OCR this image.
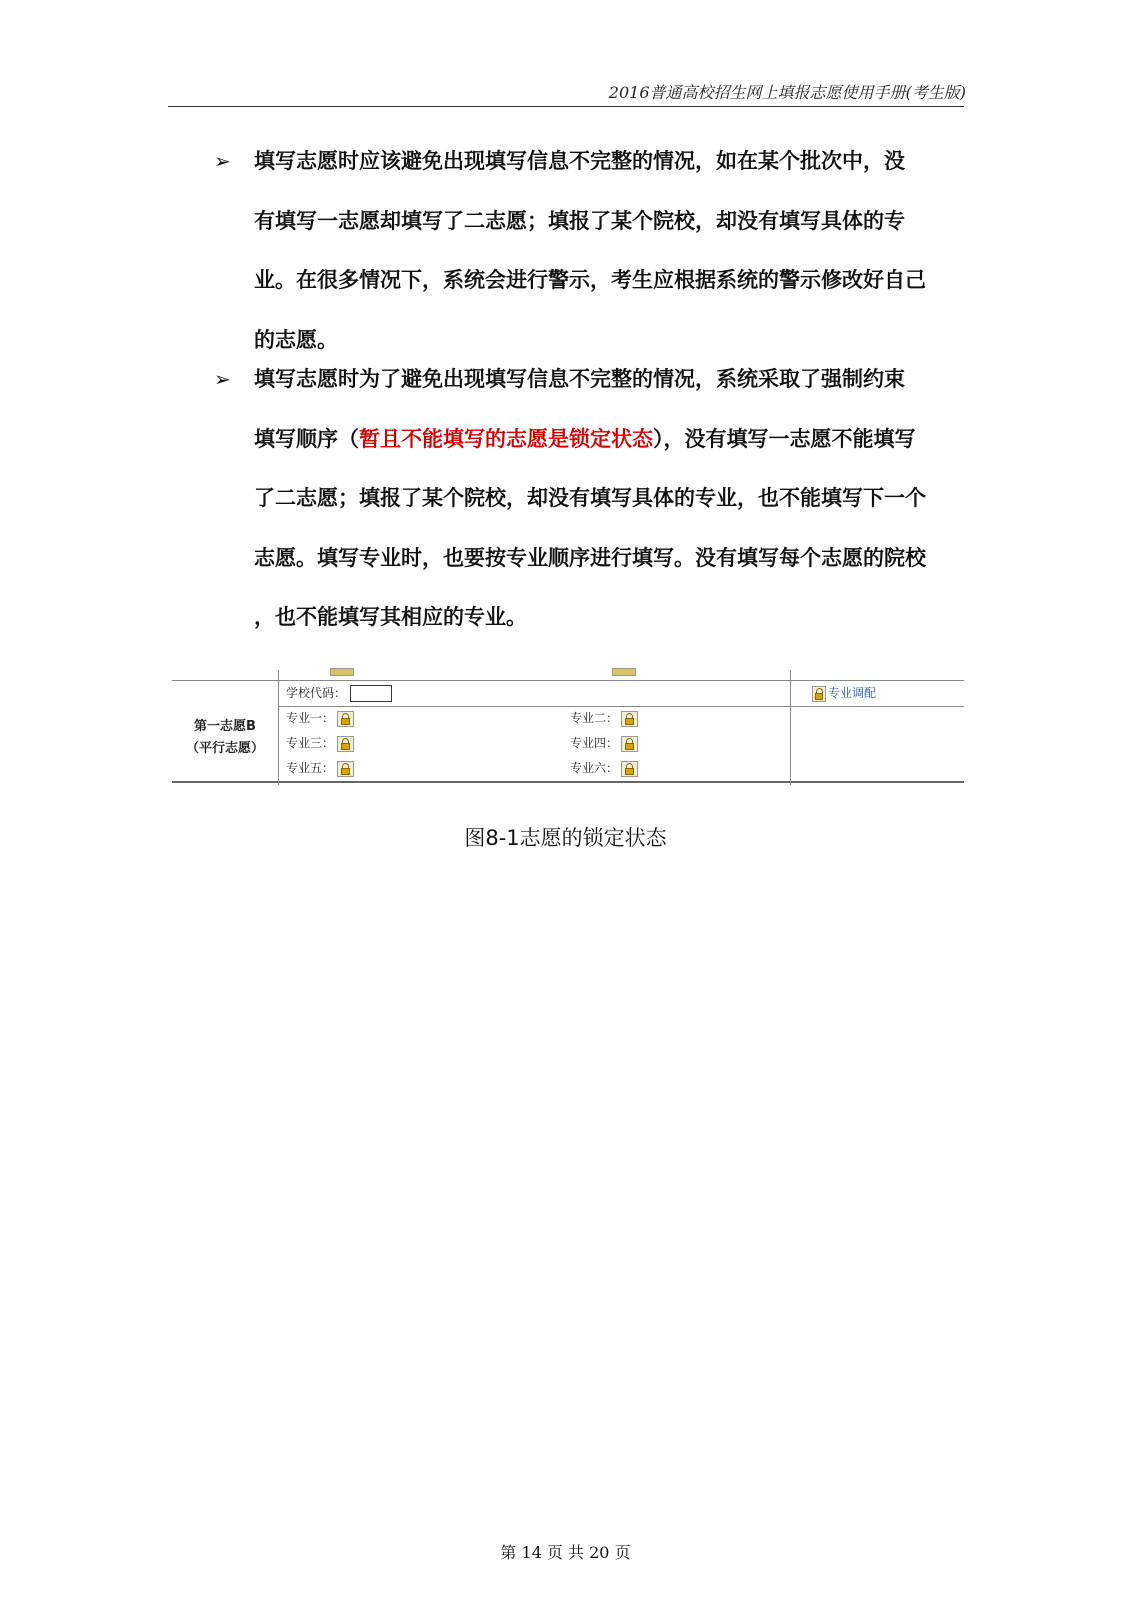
2016普通高校招生网上填报志愿使用手册(考生版)
➢ 填写志愿时应该避免出现填写信息不完整的情况，如在某个批次中，没

有填写一志愿却填写了二志愿；填报了某个院校，却没有填写具体的专

业。在很多情况下，系统会进行警示，考生应根据系统的警示修改好自己

的志愿。

➢ 填写志愿时为了避免出现填写信息不完整的情况，系统采取了强制约束

填写顺序（暂且不能填写的志愿是锁定状态），没有填写一志愿不能填写

了二志愿；填报了某个院校，却没有填写具体的专业，也不能填写下一个

志愿。填写专业时，也要按专业顺序进行填写。没有填写每个志愿的院校

，也不能填写其相应的专业。

第一志愿B
（平行志愿）
学校代码：	专业调配
专业一：	专业二：
专业三：	专业四：
专业五：	专业六：
图8-1志愿的锁定状态
第 14 页 共 20 页
